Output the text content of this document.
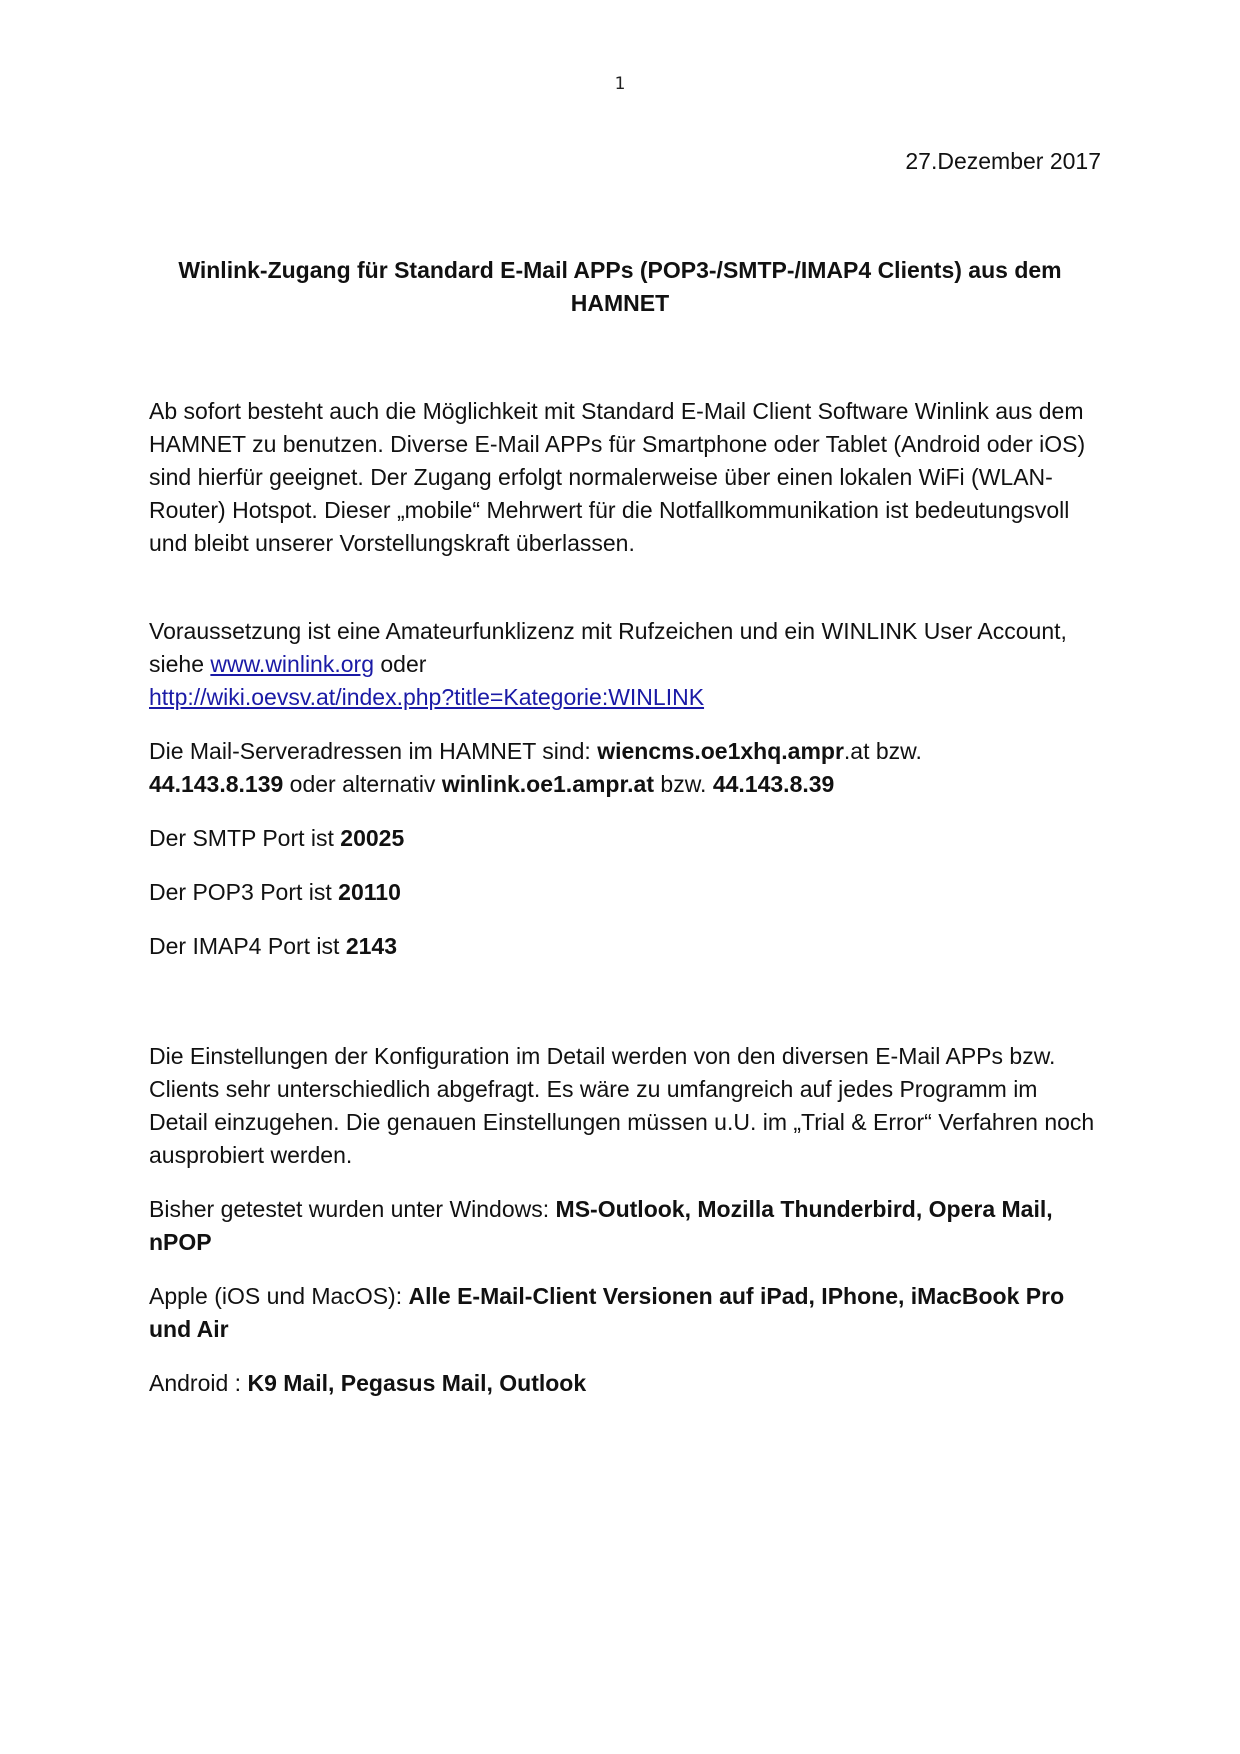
1
27.Dezember 2017
Winlink-Zugang für Standard E-Mail APPs (POP3-/SMTP-/IMAP4 Clients) aus dem HAMNET

Ab sofort besteht auch die Möglichkeit mit Standard E-Mail Client Software Winlink aus dem HAMNET zu benutzen. Diverse E-Mail APPs für Smartphone oder Tablet (Android oder iOS) sind hierfür geeignet. Der Zugang erfolgt normalerweise über einen lokalen WiFi (WLAN-Router) Hotspot. Dieser „mobile“ Mehrwert für die Notfallkommunikation ist bedeutungsvoll und bleibt unserer Vorstellungskraft überlassen.

Voraussetzung ist eine Amateurfunklizenz mit Rufzeichen und ein WINLINK User Account, siehe www.winlink.org oder
http://wiki.oevsv.at/index.php?title=Kategorie:WINLINK

Die Mail-Serveradressen im HAMNET sind: wiencms.oe1xhq.ampr.at bzw.
44.143.8.139 oder alternativ winlink.oe1.ampr.at bzw. 44.143.8.39

Der SMTP Port ist 20025

Der POP3 Port ist 20110

Der IMAP4 Port ist 2143

Die Einstellungen der Konfiguration im Detail werden von den diversen E-Mail APPs bzw. Clients sehr unterschiedlich abgefragt. Es wäre zu umfangreich auf jedes Programm im Detail einzugehen. Die genauen Einstellungen müssen u.U. im „Trial & Error“ Verfahren noch ausprobiert werden.

Bisher getestet wurden unter Windows: MS-Outlook, Mozilla Thunderbird, Opera Mail, nPOP

Apple (iOS und MacOS): Alle E-Mail-Client Versionen auf iPad, IPhone, iMacBook Pro und Air

Android : K9 Mail, Pegasus Mail, Outlook
